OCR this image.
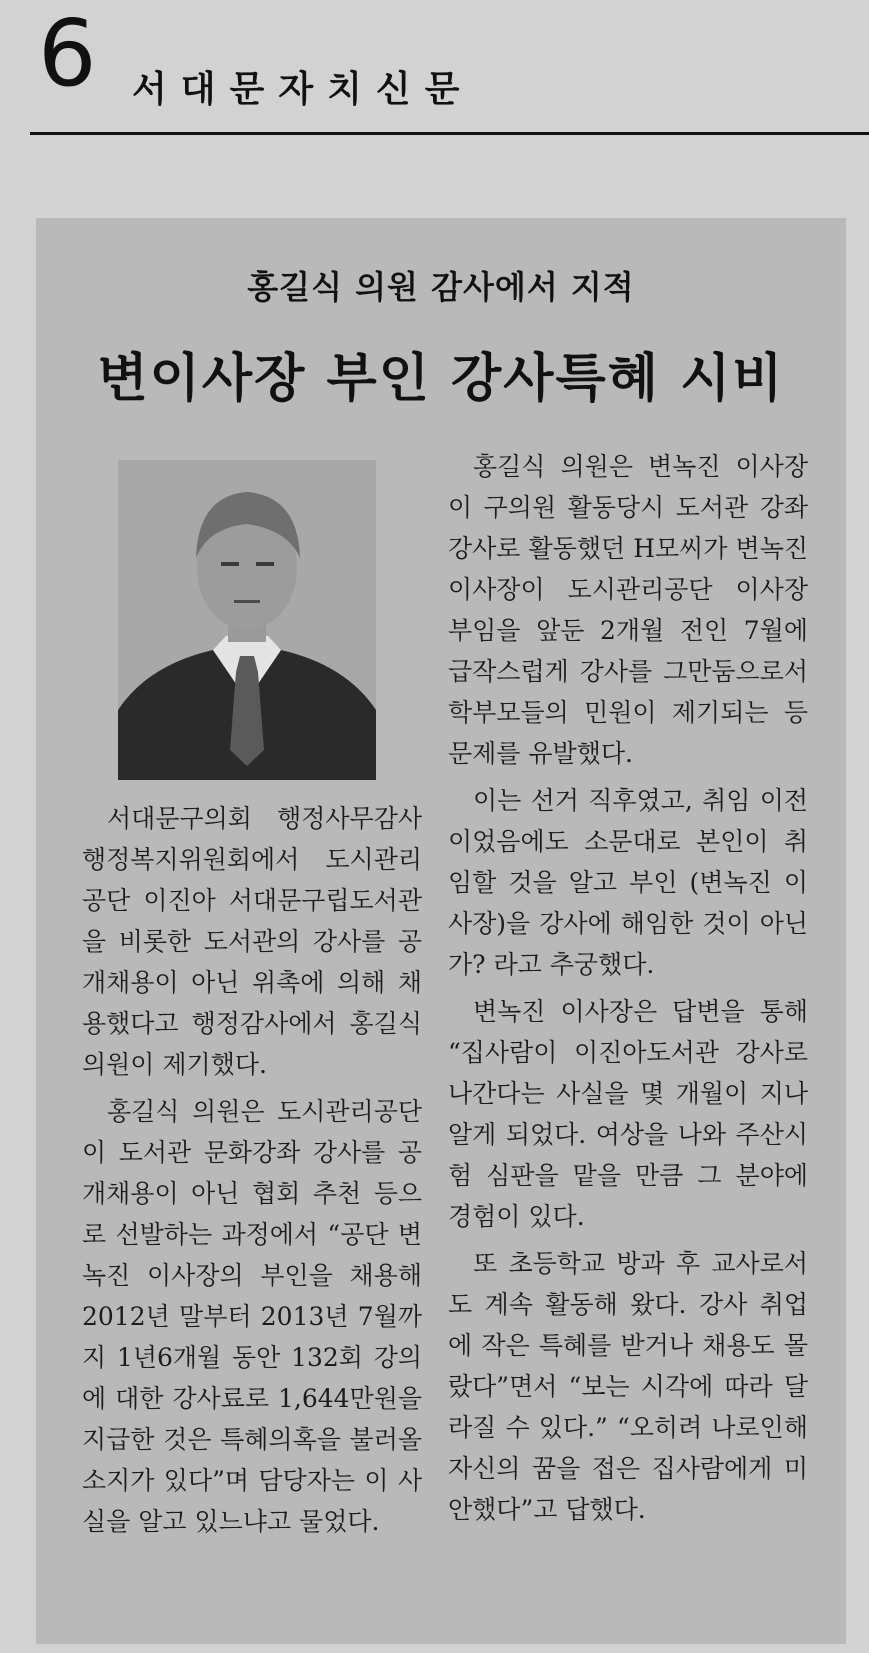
6 서대문자치신문
홍길식 의원 감사에서 지적
변이사장 부인 강사특혜 시비

서대문구의회 행정사무감사 행정복지위원회에서 도시관리공단 이진아 서대문구립도서관을 비롯한 도서관의 강사를 공개채용이 아닌 위촉에 의해 채용했다고 행정감사에서 홍길식 의원이 제기했다.

홍길식 의원은 도시관리공단이 도서관 문화강좌 강사를 공개채용이 아닌 협회 추천 등으로 선발하는 과정에서 “공단 변녹진 이사장의 부인을 채용해 2012년 말부터 2013년 7월까지 1년6개월 동안 132회 강의에 대한 강사료로 1,644만원을 지급한 것은 특혜의혹을 불러올 소지가 있다”며 담당자는 이 사실을 알고 있느냐고 물었다.

홍길식 의원은 변녹진 이사장이 구의원 활동당시 도서관 강좌 강사로 활동했던 H모씨가 변녹진 이사장이 도시관리공단 이사장 부임을 앞둔 2개월 전인 7월에 급작스럽게 강사를 그만둠으로서 학부모들의 민원이 제기되는 등 문제를 유발했다.

이는 선거 직후였고, 취임 이전이었음에도 소문대로 본인이 취임할 것을 알고 부인 (변녹진 이사장)을 강사에 해임한 것이 아닌가? 라고 추궁했다.

변녹진 이사장은 답변을 통해 “집사람이 이진아도서관 강사로 나간다는 사실을 몇 개월이 지나 알게 되었다. 여상을 나와 주산시험 심판을 맡을 만큼 그 분야에 경험이 있다.

또 초등학교 방과 후 교사로서도 계속 활동해 왔다. 강사 취업에 작은 특혜를 받거나 채용도 몰랐다”면서 “보는 시각에 따라 달라질 수 있다.” “오히려 나로인해 자신의 꿈을 접은 집사람에게 미안했다”고 답했다.
